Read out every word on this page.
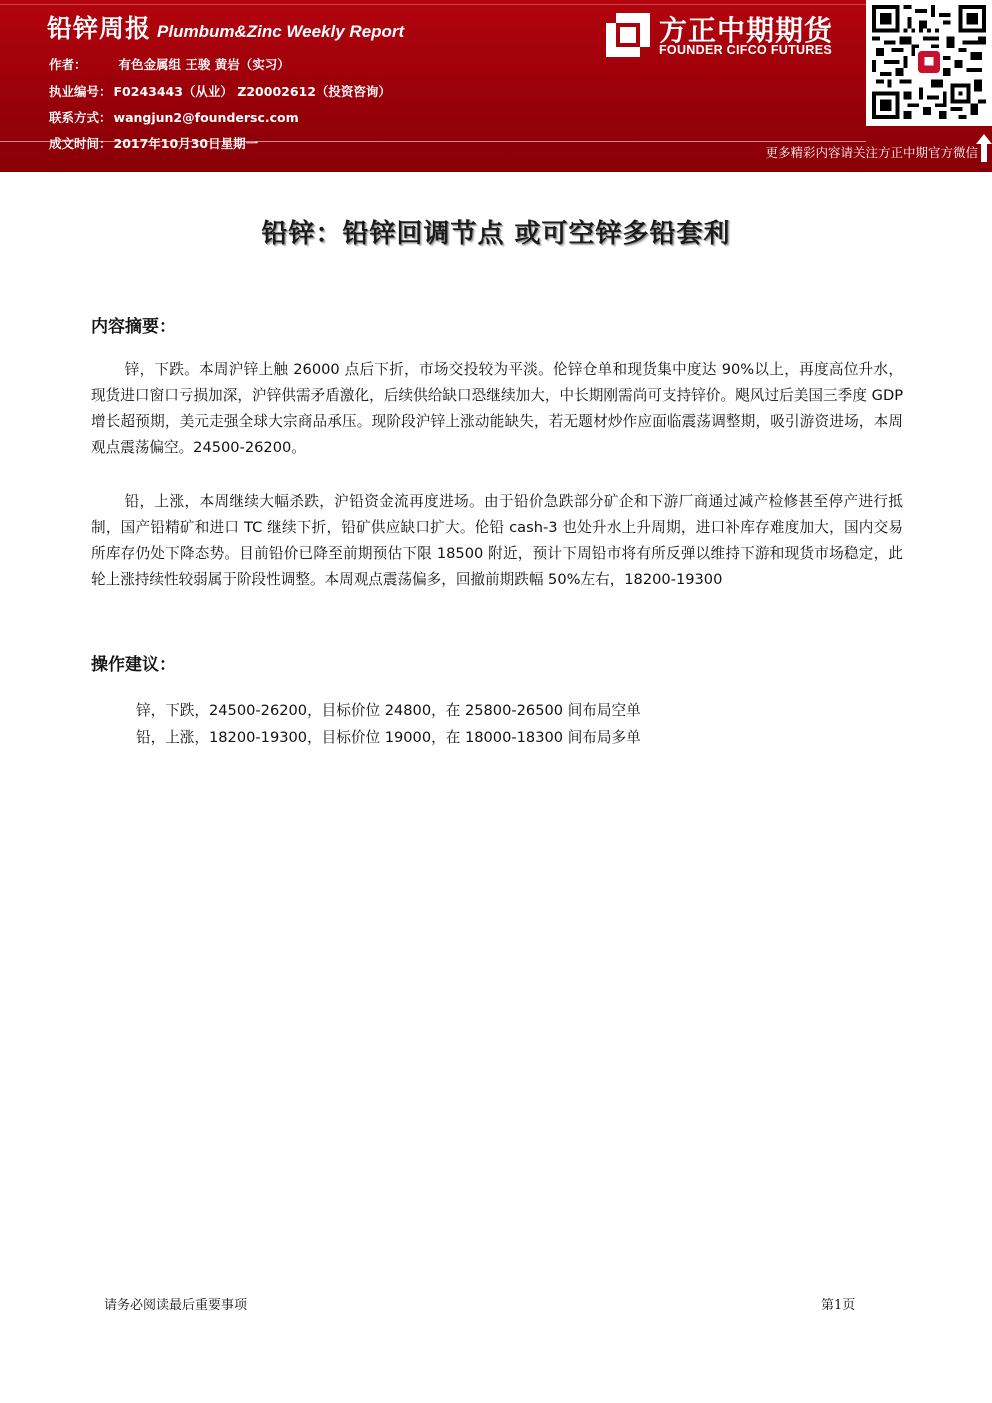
铅锌周报 Plumbum&Zinc Weekly Report
作者：	有色金属组 王骏 黄岩（实习）
执业编号： F0243443（从业） Z20002612（投资咨询）
联系方式： wangjun2@foundersc.com
成文时间： 2017年10月30日星期一
方正中期期货
FOUNDER CIFCO FUTURES
更多精彩内容请关注方正中期官方微信
铅锌：铅锌回调节点 或可空锌多铅套利
内容摘要：

锌，下跌。本周沪锌上触 26000 点后下折，市场交投较为平淡。伦锌仓单和现货集中度达 90%以上，再度高位升水，现货进口窗口亏损加深，沪锌供需矛盾激化，后续供给缺口恐继续加大，中长期刚需尚可支持锌价。飓风过后美国三季度 GDP 增长超预期，美元走强全球大宗商品承压。现阶段沪锌上涨动能缺失，若无题材炒作应面临震荡调整期，吸引游资进场，本周观点震荡偏空。24500-26200。

铅，上涨，本周继续大幅杀跌，沪铅资金流再度进场。由于铅价急跌部分矿企和下游厂商通过减产检修甚至停产进行抵制，国产铅精矿和进口 TC 继续下折，铅矿供应缺口扩大。伦铅 cash-3 也处升水上升周期，进口补库存难度加大，国内交易所库存仍处下降态势。目前铅价已降至前期预估下限 18500 附近，预计下周铅市将有所反弹以维持下游和现货市场稳定，此轮上涨持续性较弱属于阶段性调整。本周观点震荡偏多，回撤前期跌幅 50%左右，18200-19300

操作建议：
锌，下跌，24500-26200，目标价位 24800，在 25800-26500 间布局空单
铅，上涨，18200-19300，目标价位 19000，在 18000-18300 间布局多单
请务必阅读最后重要事项	第1页
